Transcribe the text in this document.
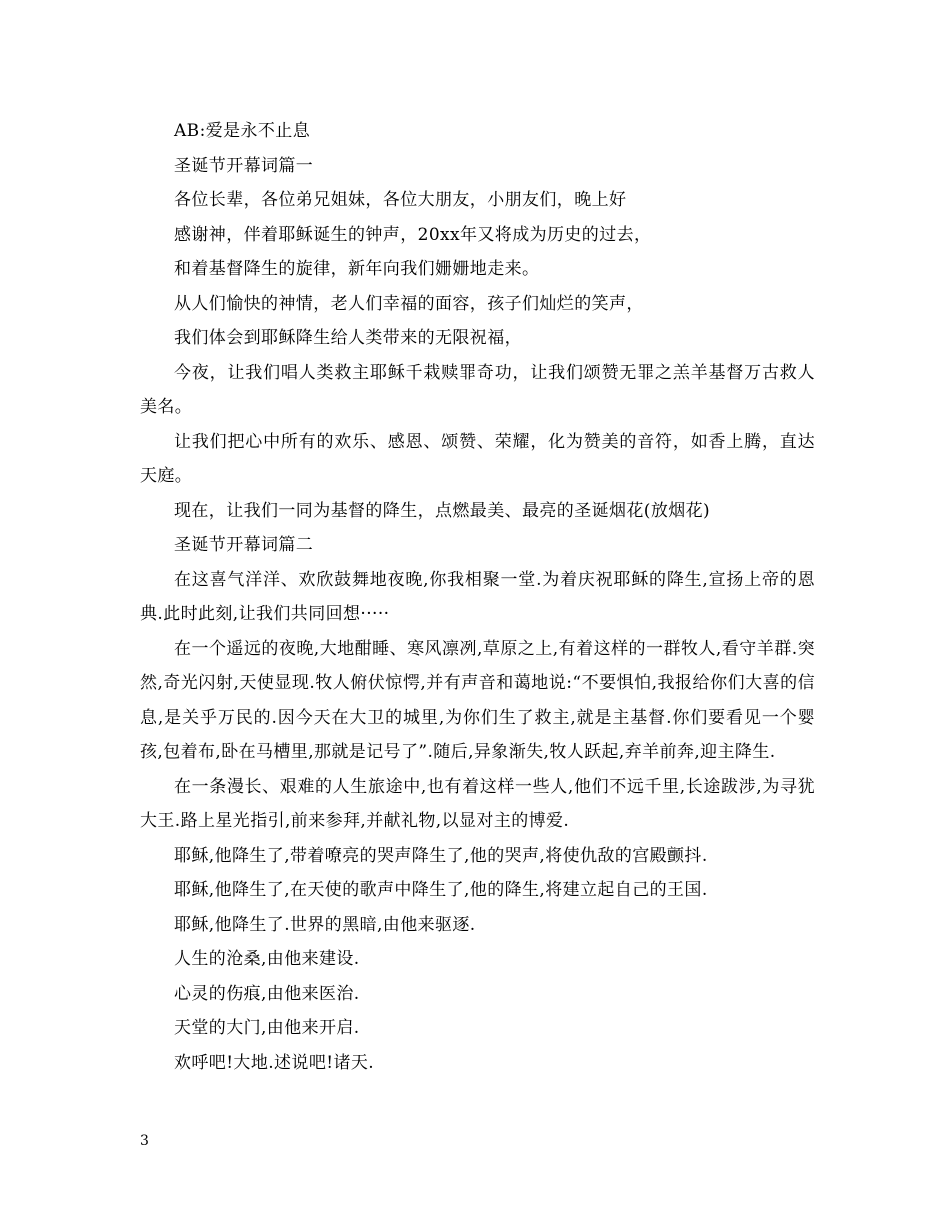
AB:爱是永不止息

圣诞节开幕词篇一

各位长辈，各位弟兄姐妹，各位大朋友，小朋友们，晚上好

感谢神，伴着耶稣诞生的钟声，20xx年又将成为历史的过去，

和着基督降生的旋律，新年向我们姗姗地走来。

从人们愉快的神情，老人们幸福的面容，孩子们灿烂的笑声，

我们体会到耶稣降生给人类带来的无限祝福，

今夜，让我们唱人类救主耶稣千栽赎罪奇功，让我们颂赞无罪之羔羊基督万古救人美名。

让我们把心中所有的欢乐、感恩、颂赞、荣耀，化为赞美的音符，如香上腾，直达天庭。

现在，让我们一同为基督的降生，点燃最美、最亮的圣诞烟花(放烟花)

圣诞节开幕词篇二

在这喜气洋洋、欢欣鼓舞地夜晚,你我相聚一堂.为着庆祝耶稣的降生,宣扬上帝的恩典.此时此刻,让我们共同回想·····

在一个遥远的夜晚,大地酣睡、寒风凛冽,草原之上,有着这样的一群牧人,看守羊群.突然,奇光闪射,天使显现.牧人俯伏惊愕,并有声音和蔼地说:“不要惧怕,我报给你们大喜的信息,是关乎万民的.因今天在大卫的城里,为你们生了救主,就是主基督.你们要看见一个婴孩,包着布,卧在马槽里,那就是记号了”.随后,异象渐失,牧人跃起,弃羊前奔,迎主降生.

在一条漫长、艰难的人生旅途中,也有着这样一些人,他们不远千里,长途跋涉,为寻犹大王.路上星光指引,前来参拜,并献礼物,以显对主的博爱.

耶稣,他降生了,带着嘹亮的哭声降生了,他的哭声,将使仇敌的宫殿颤抖.

耶稣,他降生了,在天使的歌声中降生了,他的降生,将建立起自己的王国.

耶稣,他降生了.世界的黑暗,由他来驱逐.

人生的沧桑,由他来建设.

心灵的伤痕,由他来医治.

天堂的大门,由他来开启.

欢呼吧!大地.述说吧!诸天.

3
